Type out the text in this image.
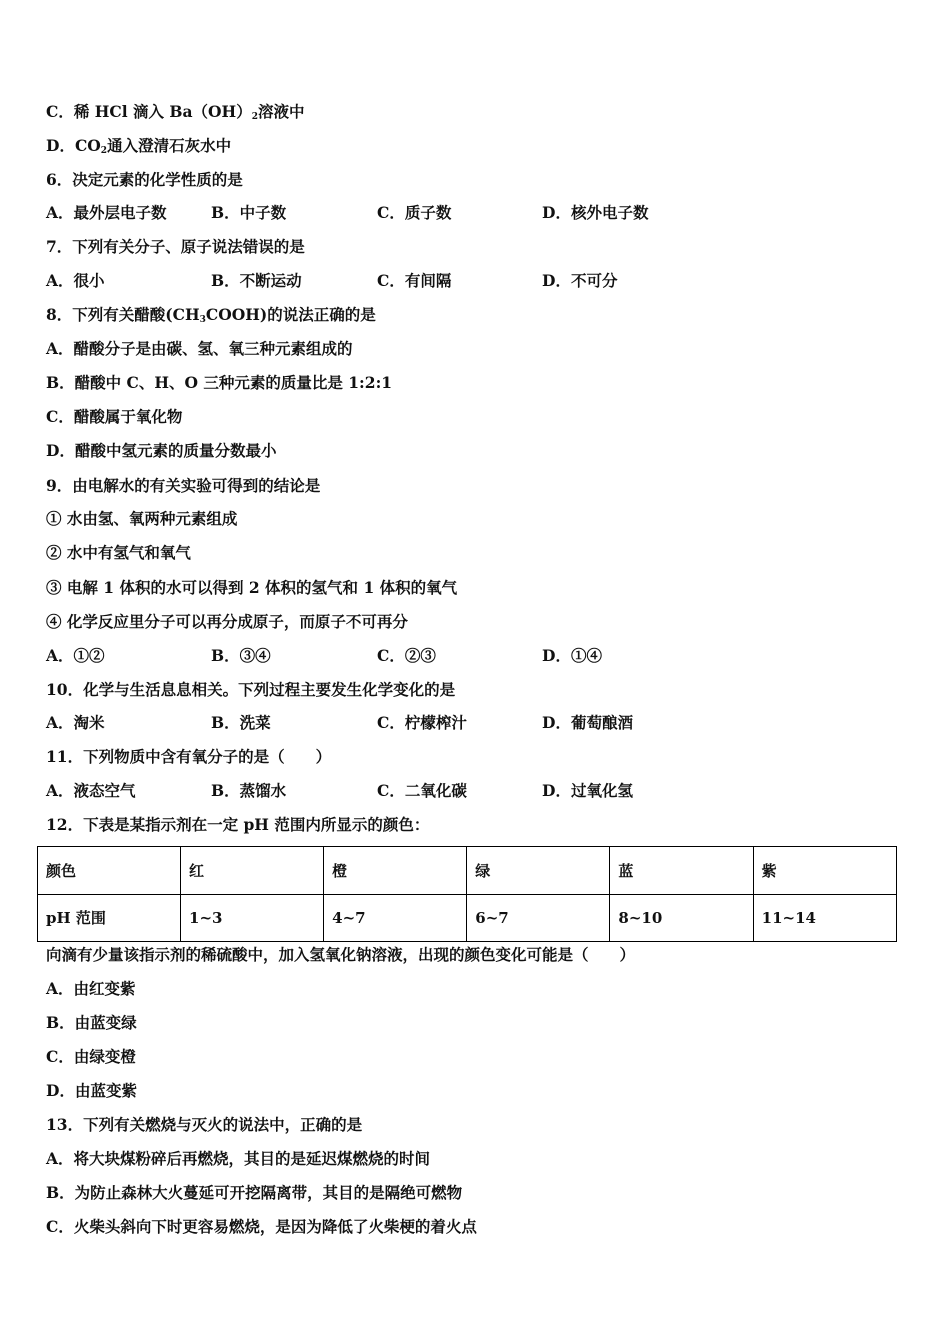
C．稀 HCl 滴入 $Ba(OH)_2$溶液中
D．$CO_2$通入澄清石灰水中
6．决定元素的化学性质的是
A．最外层电子数	B．中子数	C．质子数	D．核外电子数
7．下列有关分子、原子说法错误的是
A．很小	B．不断运动	C．有间隔	D．不可分
8．下列有关醋酸$(CH_3COOH)$的说法正确的是
A．醋酸分子是由碳、氢、氧三种元素组成的
B．醋酸中 C、H、O 三种元素的质量比是 1:2:1
C．醋酸属于氧化物
D．醋酸中氢元素的质量分数最小
9．由电解水的有关实验可得到的结论是
① 水由氢、氧两种元素组成
② 水中有氢气和氧气
③ 电解 1 体积的水可以得到 2 体积的氢气和 1 体积的氧气
④ 化学反应里分子可以再分成原子，而原子不可再分
A．①②	B．③④	C．②③	D．①④
10．化学与生活息息相关。下列过程主要发生化学变化的是
A．淘米	B．洗菜	C．柠檬榨汁	D．葡萄酿酒
11．下列物质中含有氧分子的是（　　）
A．液态空气	B．蒸馏水	C．二氧化碳	D．过氧化氢
12．下表是某指示剂在一定 pH 范围内所显示的颜色：
颜色	红	橙	绿	蓝	紫
pH 范围	1~3	4~7	6~7	8~10	11~14
向滴有少量该指示剂的稀硫酸中，加入氢氧化钠溶液，出现的颜色变化可能是（　　）
A．由红变紫
B．由蓝变绿
C．由绿变橙
D．由蓝变紫
13．下列有关燃烧与灭火的说法中，正确的是
A．将大块煤粉碎后再燃烧，其目的是延迟煤燃烧的时间
B．为防止森林大火蔓延可开挖隔离带，其目的是隔绝可燃物
C．火柴头斜向下时更容易燃烧，是因为降低了火柴梗的着火点
